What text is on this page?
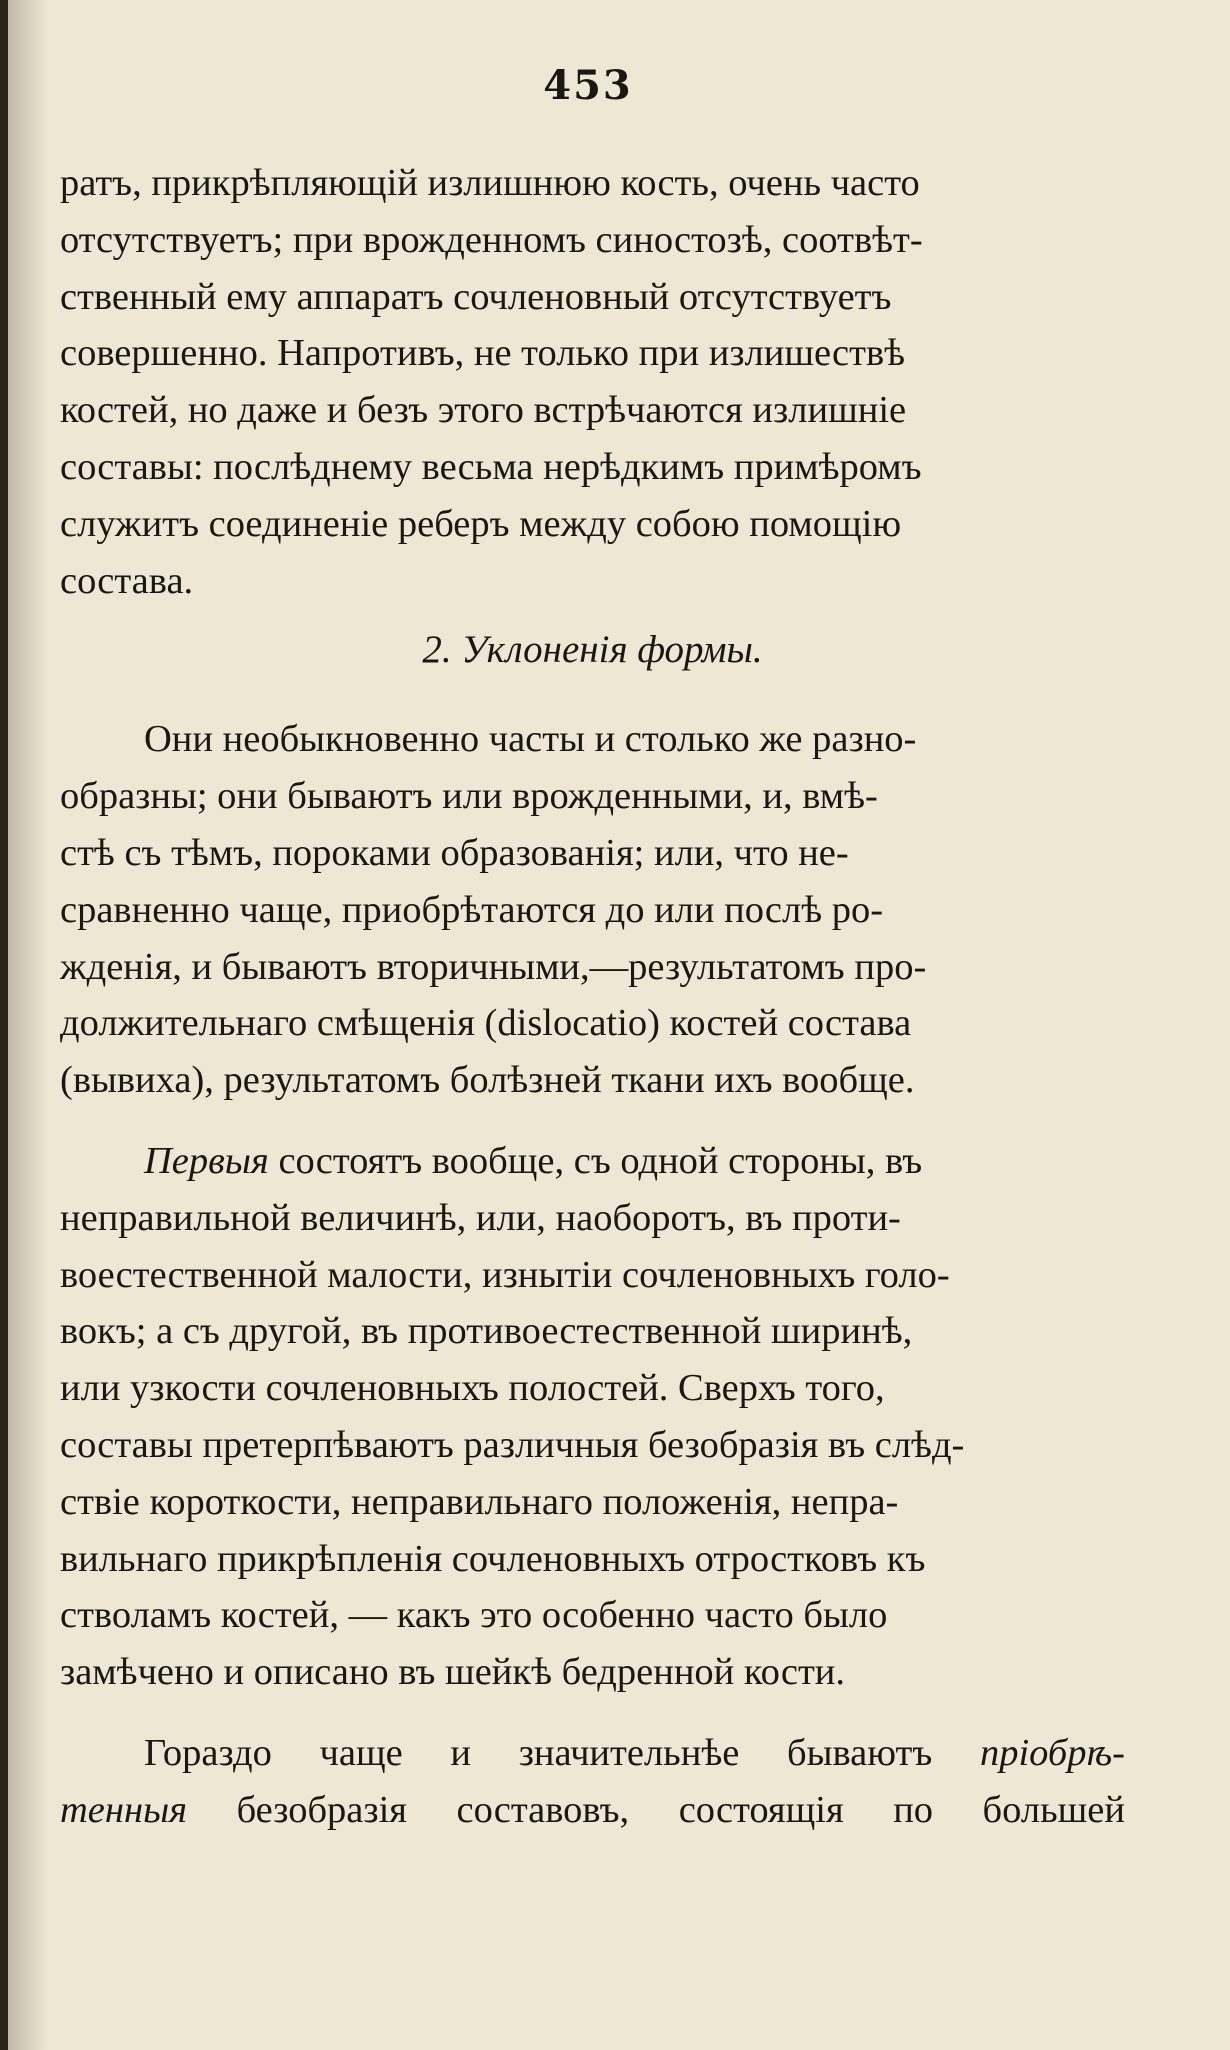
453

ратъ, прикрѣпляющій излишнюю кость, очень часто
отсутствуетъ; при врожденномъ синостозѣ, соотвѣт-
ственный ему аппаратъ сочленовный отсутствуетъ
совершенно. Напротивъ, не только при излишествѣ
костей, но даже и безъ этого встрѣчаются излишніе
составы: послѣднему весьма нерѣдкимъ примѣромъ
служитъ соединеніе реберъ между собою помощію
состава.

2. Уклоненія формы.

Они необыкновенно часты и столько же разно-
образны; они бываютъ или врожденными, и, вмѣ-
стѣ съ тѣмъ, пороками образованія; или, что не-
сравненно чаще, приобрѣтаются до или послѣ ро-
жденія, и бываютъ вторичными,—результатомъ про-
должительнаго смѣщенія (dislocatio) костей состава
(вывиха), результатомъ болѣзней ткани ихъ вообще.

Первыя состоятъ вообще, съ одной стороны, въ
неправильной величинѣ, или, наоборотъ, въ проти-
воестественной малости, изнытіи сочленовныхъ голо-
вокъ; а съ другой, въ противоестественной ширинѣ,
или узкости сочленовныхъ полостей. Сверхъ того,
составы претерпѣваютъ различныя безобразія въ слѣд-
ствіе короткости, неправильнаго положенія, непра-
вильнаго прикрѣпленія сочленовныхъ отростковъ къ
стволамъ костей, — какъ это особенно часто было
замѣчено и описано въ шейкѣ бедренной кости.

Гораздо чаще и значительнѣе бываютъ пріобрѣ-
тенныя безобразія составовъ, состоящія по большей
